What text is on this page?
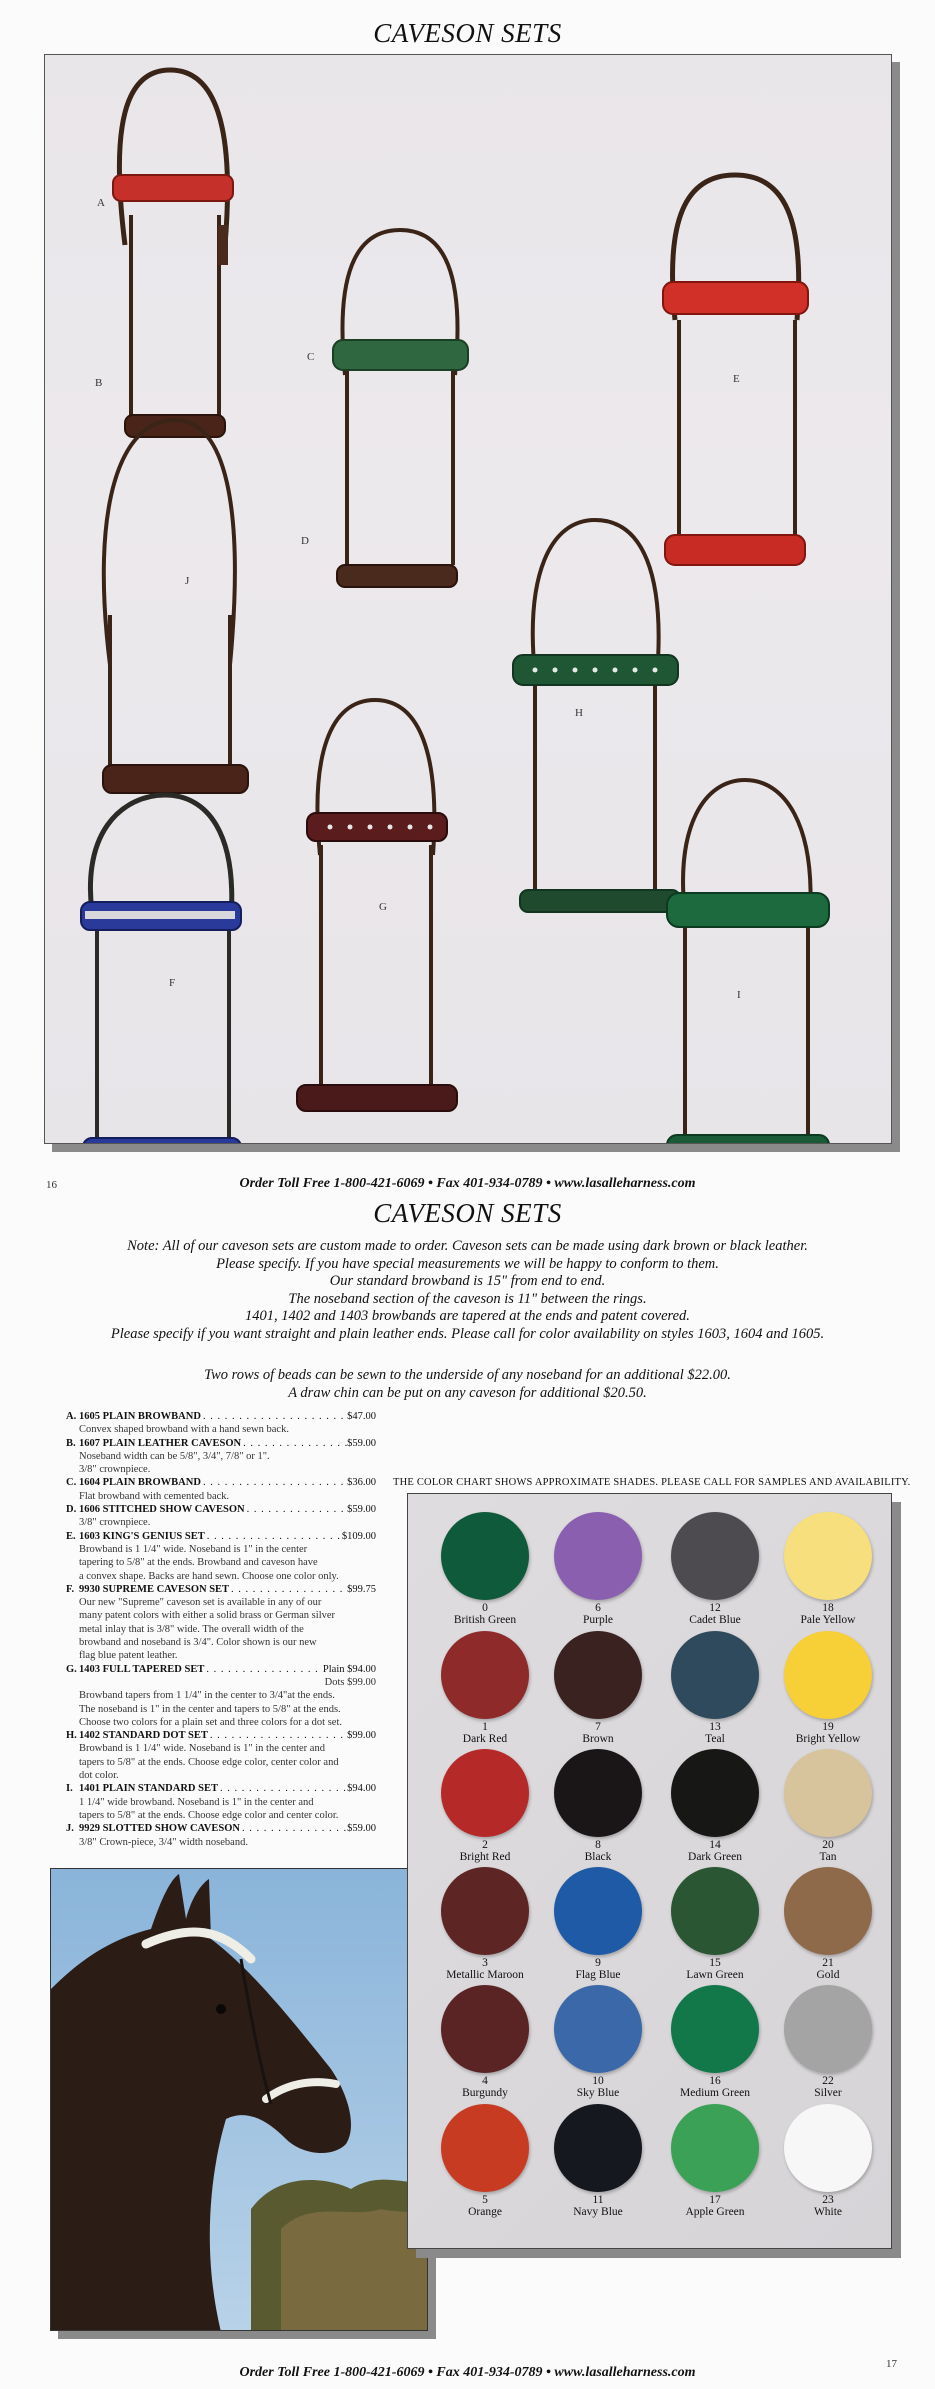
CAVESON SETS
A
B
C
D
E
J
H
G
F
I
16	Order Toll Free 1-800-421-6069 • Fax 401-934-0789 • www.lasalleharness.com
CAVESON SETS
Note: All of our caveson sets are custom made to order. Caveson sets can be made using dark brown or black leather.
Please specify. If you have special measurements we will be happy to conform to them.
Our standard browband is 15" from end to end.
The noseband section of the caveson is 11" between the rings.
1401, 1402 and 1403 browbands are tapered at the ends and patent covered.
Please specify if you want straight and plain leather ends. Please call for color availability on styles 1603, 1604 and 1605.
Two rows of beads can be sewn to the underside of any noseband for an additional $22.00.
A draw chin can be put on any caveson for additional $20.50.
A. 1605 PLAIN BROWBAND . . .	$47.00
Convex shaped browband with a hand sewn back.
B. 1607 PLAIN LEATHER CAVESON . . .	$59.00
Noseband width can be 5/8", 3/4", 7/8" or 1".
3/8" crownpiece.
C. 1604 PLAIN BROWBAND . . .	$36.00
Flat browband with cemented back.
D. 1606 STITCHED SHOW CAVESON . . .	$59.00
3/8" crownpiece.
E. 1603 KING'S GENIUS SET . . .	$109.00
Browband is 1 1/4" wide. Noseband is 1" in the center
tapering to 5/8" at the ends. Browband and caveson have
a convex shape. Backs are hand sewn. Choose one color only.
F. 9930 SUPREME CAVESON SET . . .	$99.75
Our new "Supreme" caveson set is available in any of our
many patent colors with either a solid brass or German silver
metal inlay that is 3/8" wide. The overall width of the
browband and noseband is 3/4". Color shown is our new
flag blue patent leather.
G. 1403 FULL TAPERED SET . . .	Plain $94.00
Dots $99.00
Browband tapers from 1 1/4" in the center to 3/4"at the ends.
The noseband is 1" in the center and tapers to 5/8" at the ends.
Choose two colors for a plain set and three colors for a dot set.
H. 1402 STANDARD DOT SET . . .	$99.00
Browband is 1 1/4" wide. Noseband is 1" in the center and
tapers to 5/8" at the ends. Choose edge color, center color and
dot color.
I. 1401 PLAIN STANDARD SET . . .	$94.00
1 1/4" wide browband. Noseband is 1" in the center and
tapers to 5/8" at the ends. Choose edge color and center color.
J. 9929 SLOTTED SHOW CAVESON . . .	$59.00
3/8" Crown-piece, 3/4" width noseband.
THE COLOR CHART SHOWS APPROXIMATE SHADES. PLEASE CALL FOR SAMPLES AND AVAILABILITY.
0
British Green
6
Purple
12
Cadet Blue
18
Pale Yellow
1
Dark Red
7
Brown
13
Teal
19
Bright Yellow
2
Bright Red
8
Black
14
Dark Green
20
Tan
3
Metallic Maroon
9
Flag Blue
15
Lawn Green
21
Gold
4
Burgundy
10
Sky Blue
16
Medium Green
22
Silver
5
Orange
11
Navy Blue
17
Apple Green
23
White
17
Order Toll Free 1-800-421-6069 • Fax 401-934-0789 • www.lasalleharness.com
